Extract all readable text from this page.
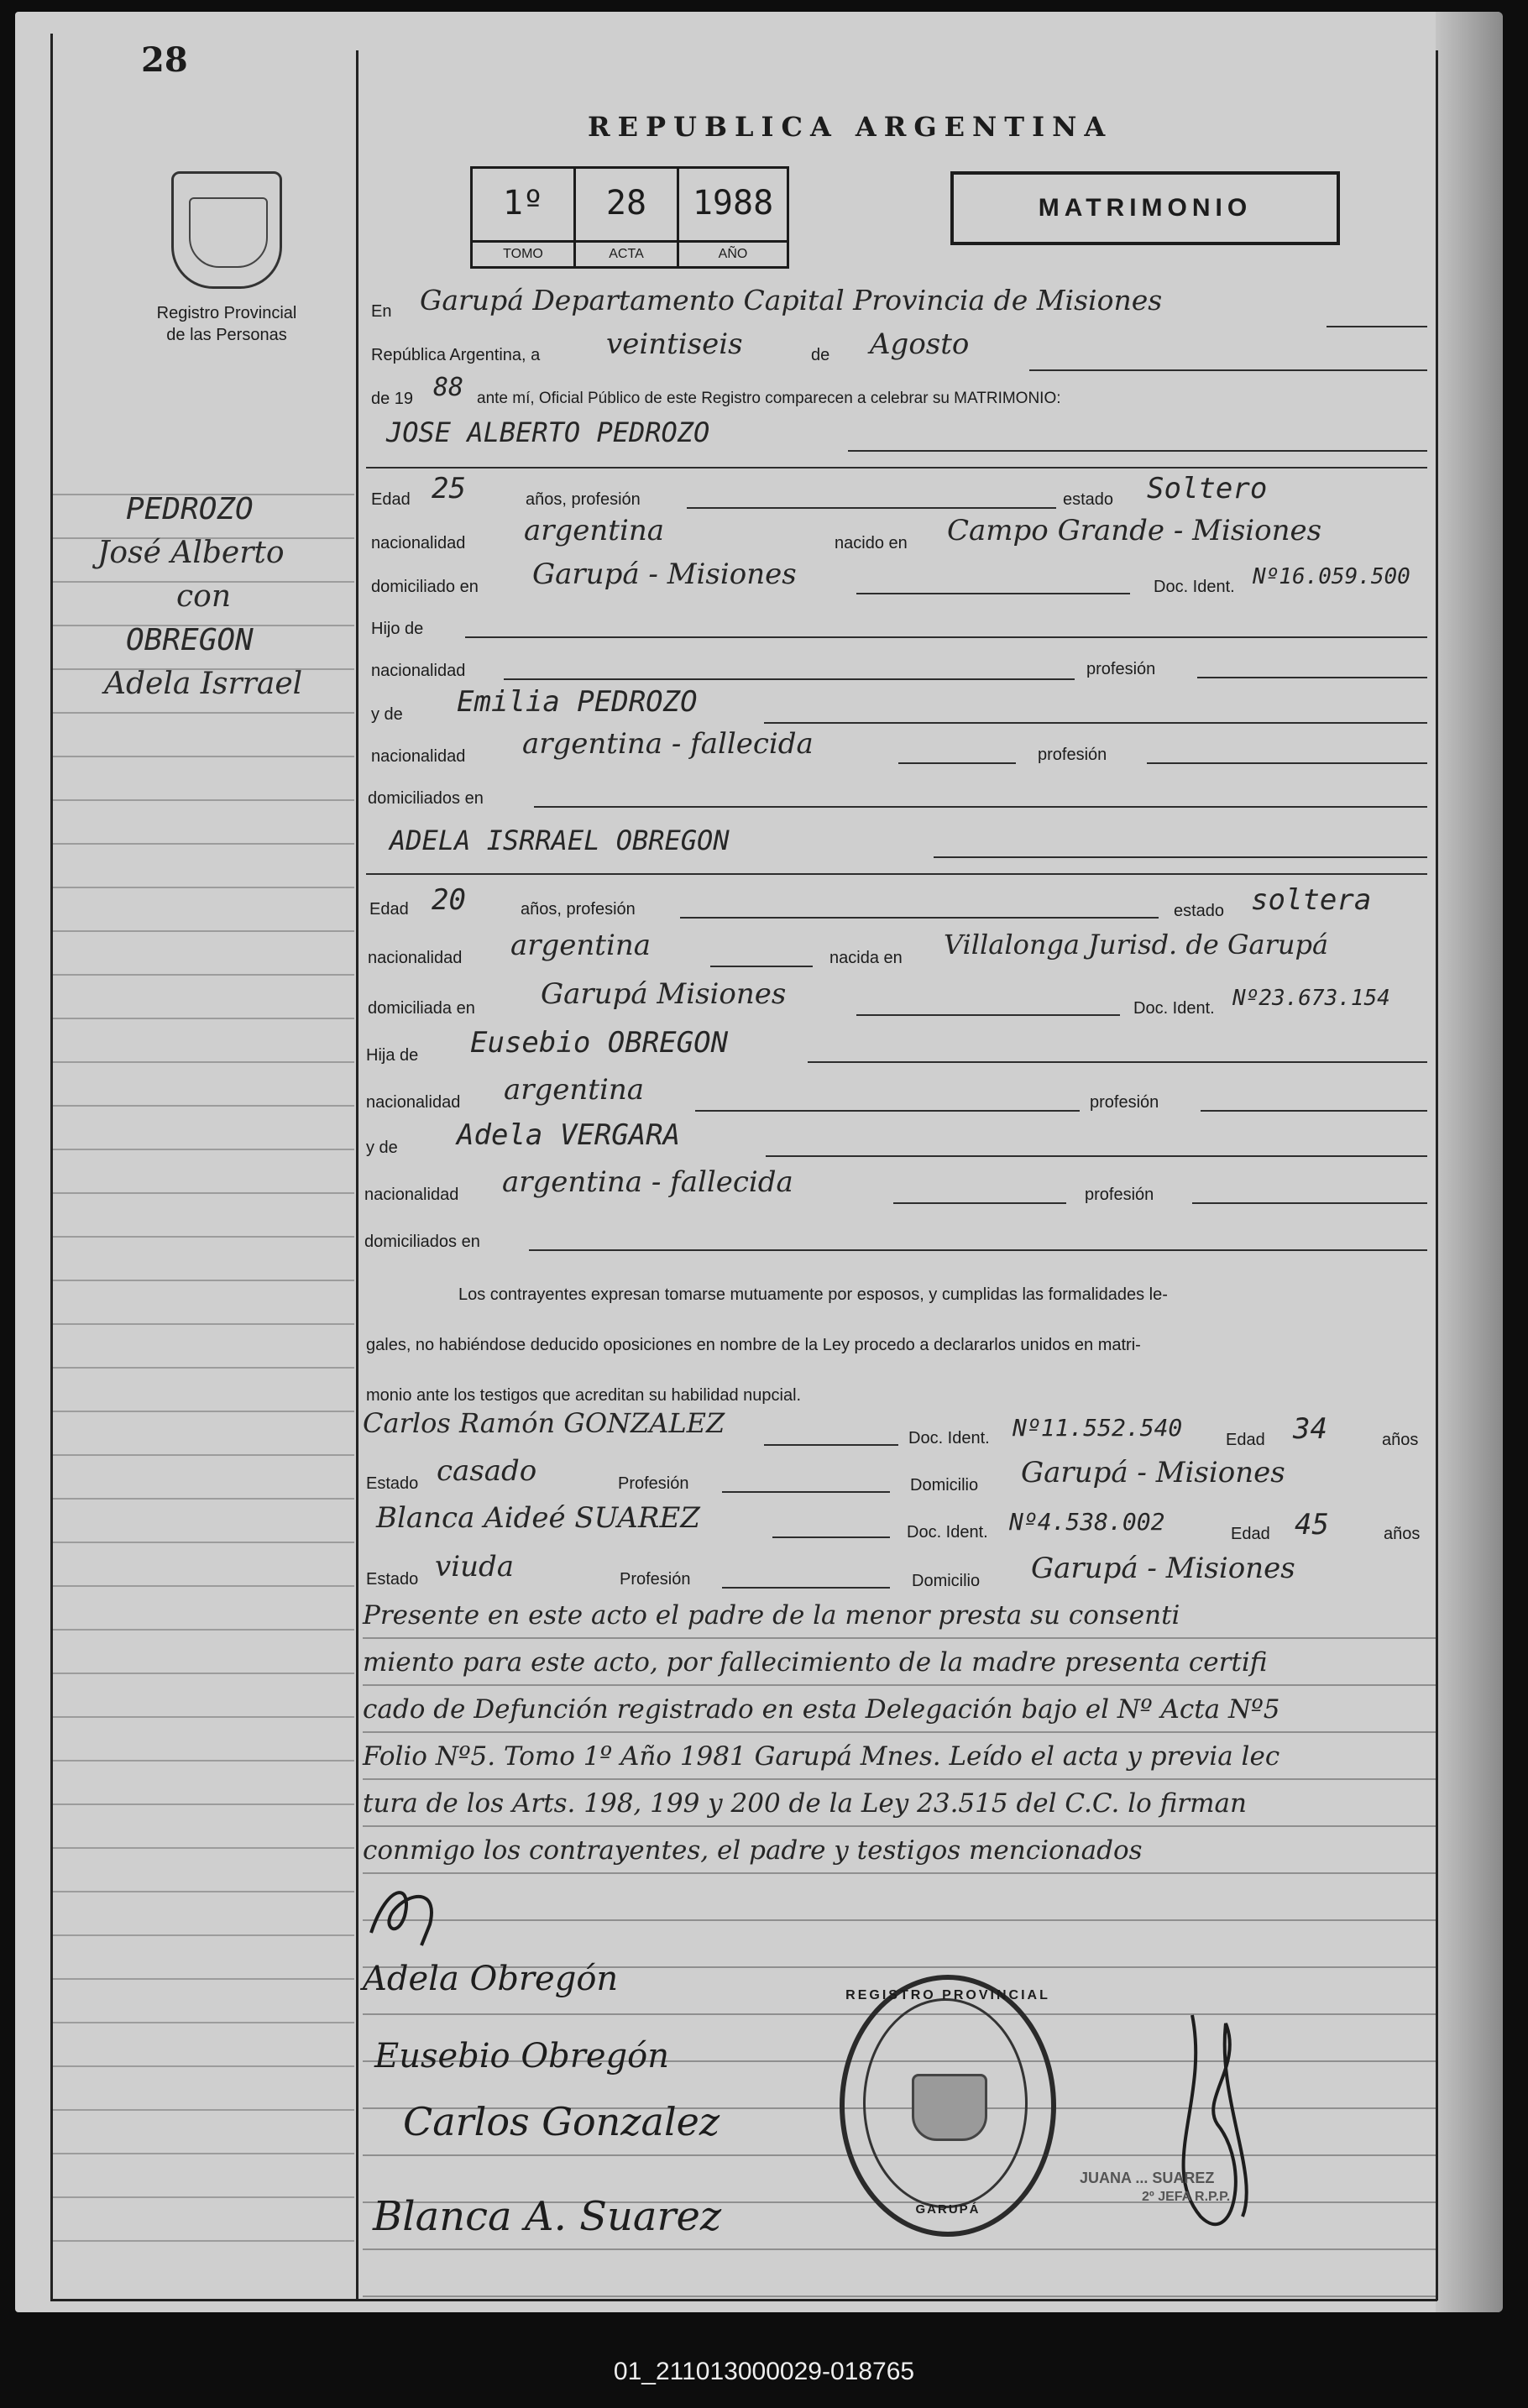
28
Registro Provincial
de las Personas
PEDROZO
José Alberto
con
OBREGON
Adela Isrrael
REPUBLICA ARGENTINA
1º
TOMO
28
ACTA
1988
AÑO
MATRIMONIO
En Garupá Departamento Capital Provincia de Misiones
República Argentina, a veintiseis	de Agosto
de 19 88 ante mí, Oficial Público de este Registro comparecen a celebrar su MATRIMONIO:
JOSE ALBERTO PEDROZO
Edad 25	años, profesión	estado Soltero
nacionalidad argentina	nacido en Campo Grande - Misiones
domiciliado en Garupá - Misiones	Doc. Ident. Nº16.059.500
Hijo de
nacionalidad	profesión
y de Emilia PEDROZO
nacionalidad argentina - fallecida	profesión
domiciliados en
ADELA ISRRAEL OBREGON
Edad 20	años, profesión	estado soltera
nacionalidad argentina	nacida en Villalonga Jurisd. de Garupá
domiciliada en Garupá Misiones	Doc. Ident. Nº23.673.154
Hija de Eusebio OBREGON
nacionalidad argentina	profesión
y de Adela VERGARA
nacionalidad argentina - fallecida	profesión
domiciliados en
Los contrayentes expresan tomarse mutuamente por esposos, y cumplidas las formalidades le-
gales, no habiéndose deducido oposiciones en nombre de la Ley procedo a declararlos unidos en matri-
monio ante los testigos que acreditan su habilidad nupcial.
Carlos Ramón GONZALEZ	Doc. Ident. Nº11.552.540	Edad 34	años
Estado casado	Profesión	Domicilio Garupá - Misiones
Blanca Aideé SUAREZ	Doc. Ident. Nº4.538.002	Edad 45	años
Estado viuda	Profesión	Domicilio Garupá - Misiones
Presente en este acto el padre de la menor presta su consenti
miento para este acto, por fallecimiento de la madre presenta certifi
cado de Defunción registrado en esta Delegación bajo el Nº Acta Nº5
Folio Nº5. Tomo 1º Año 1981 Garupá Mnes. Leído el acta y previa lec
tura de los Arts. 198, 199 y 200 de la Ley 23.515 del C.C. lo firman
conmigo los contrayentes, el padre y testigos mencionados
Adela Obregón
Eusebio Obregón
Carlos Gonzalez
Blanca A. Suarez
REGISTRO PROVINCIAL
GARUPÁ
JUANA ... SUAREZ
2º JEFA R.P.P.
01_211013000029-018765
